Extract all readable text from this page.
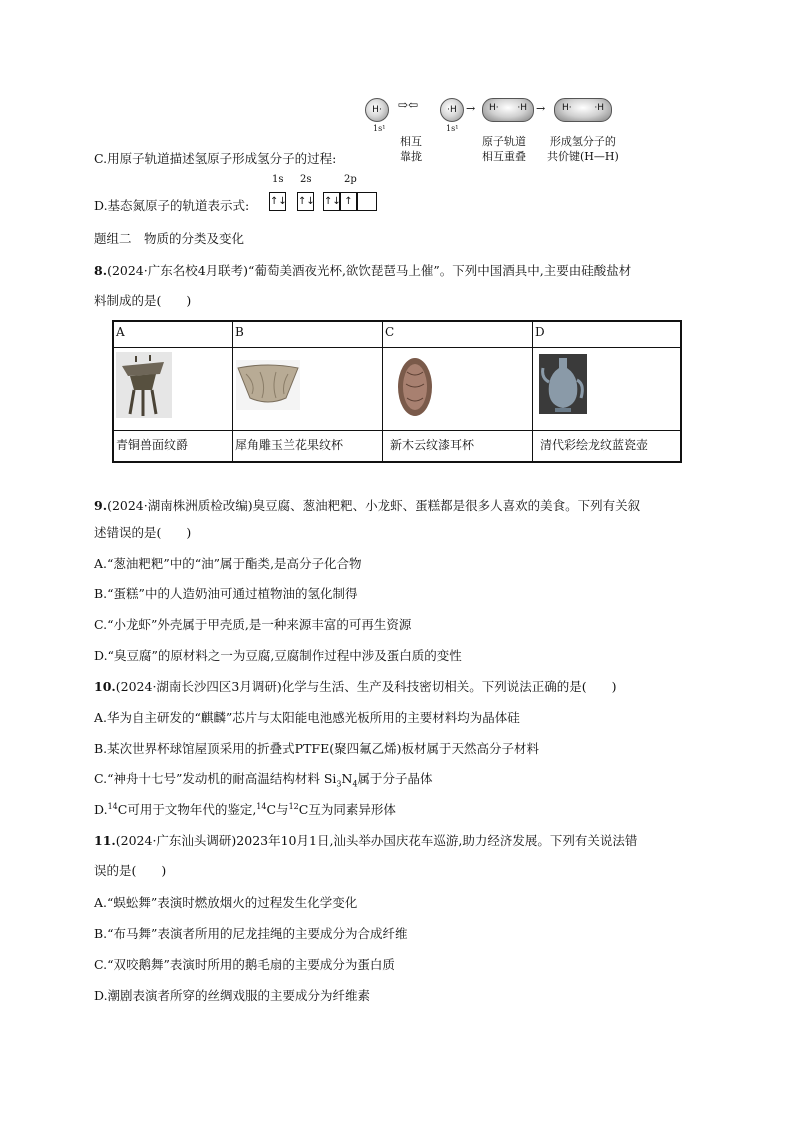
H·
1s¹
⇨⇦	·H
1s¹
→ H· ·H → H·	·H
相互
靠拢
原子轨道
相互重叠
形成氢分子的
共价键(H—H)
C.用原子轨道描述氢原子形成氢分子的过程:
1s 2s	2p
D.基态氮原子的轨道表示式: ↑↓ ↑↓ ↑↓ ↑
题组二　物质的分类及变化
8.(2024·广东名校4月联考)“葡萄美酒夜光杯,欲饮琵琶马上催”。下列中国酒具中,主要由硅酸盐材
料制成的是(　　)
A	B	C	D
青铜兽面纹爵	犀角雕玉兰花果纹杯	新木云纹漆耳杯	清代彩绘龙纹蓝瓷壶
9.(2024·湖南株洲质检改编)臭豆腐、葱油粑粑、小龙虾、蛋糕都是很多人喜欢的美食。下列有关叙
述错误的是(　　)
A.“葱油粑粑”中的“油”属于酯类,是高分子化合物
B.“蛋糕”中的人造奶油可通过植物油的氢化制得
C.“小龙虾”外壳属于甲壳质,是一种来源丰富的可再生资源
D.“臭豆腐”的原材料之一为豆腐,豆腐制作过程中涉及蛋白质的变性
10.(2024·湖南长沙四区3月调研)化学与生活、生产及科技密切相关。下列说法正确的是(　　)
A.华为自主研发的“麒麟”芯片与太阳能电池感光板所用的主要材料均为晶体硅
B.某次世界杯球馆屋顶采用的折叠式PTFE(聚四氟乙烯)板材属于天然高分子材料
C.“神舟十七号”发动机的耐高温结构材料 $Si_3N_4$属于分子晶体
D.$^{14}$C可用于文物年代的鉴定,$^{14}$C与$^{12}$C互为同素异形体
11.(2024·广东汕头调研)2023年10月1日,汕头举办国庆花车巡游,助力经济发展。下列有关说法错
误的是(　　)
A.“蜈蚣舞”表演时燃放烟火的过程发生化学变化
B.“布马舞”表演者所用的尼龙挂绳的主要成分为合成纤维
C.“双咬鹅舞”表演时所用的鹅毛扇的主要成分为蛋白质
D.潮剧表演者所穿的丝绸戏服的主要成分为纤维素
